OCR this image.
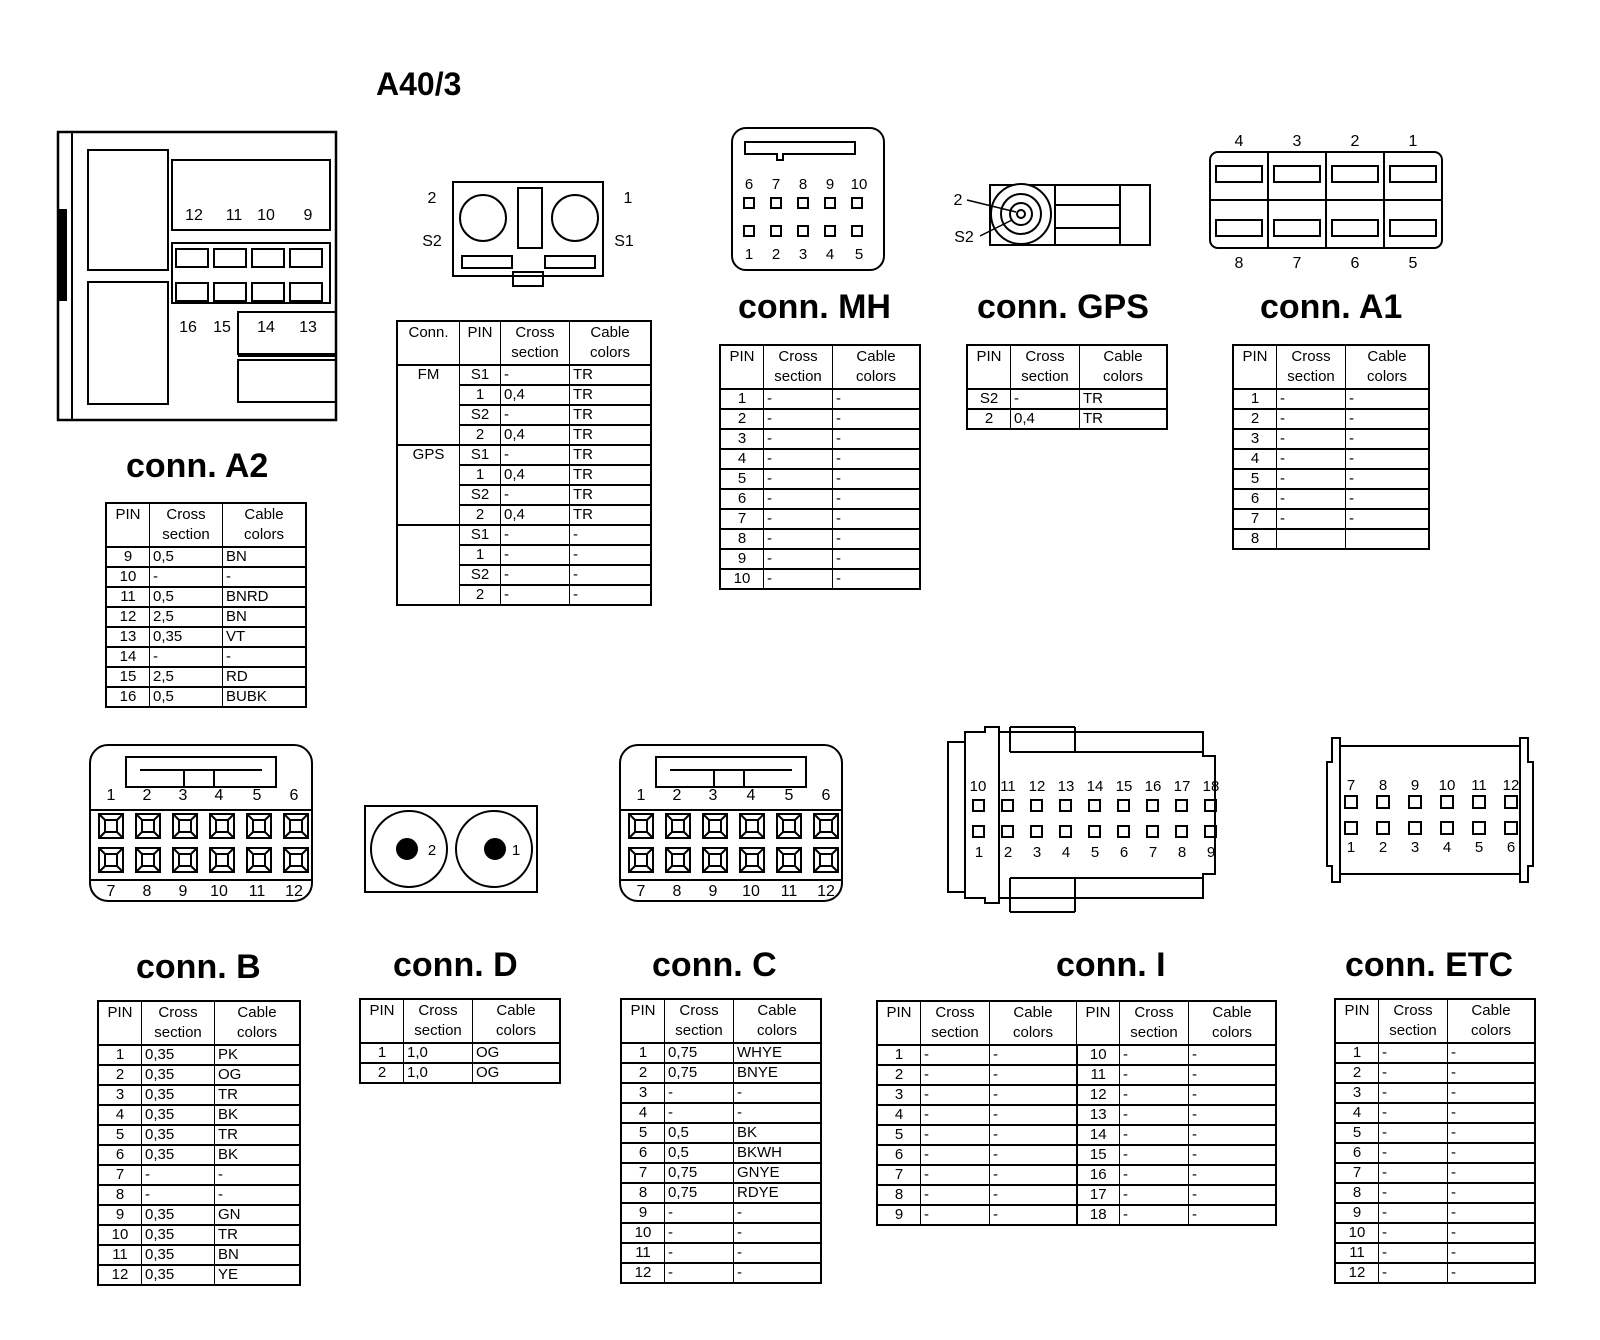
A40/3
conn. A2
conn. MH	conn. GPS	conn. A1
conn. B	conn. D	conn. C	conn. I	conn. ETC
12 11 10 9
16 15 14 13
2	1
S2	S1
6 7 8 9 10
1 2 3 4 5
2
S2
4	3	2	1
8	7	6	5
1 2 3 4 5 6
7 8 9 10 11 12
2	1
1 2 3 4 5 6
7 8 9 10 11 12
10 11 12 13 14 15 16 17 18
1 2 3 4 5 6 7 8 9
7 8 9 10 11 12
1 2 3 4 5 6
PIN	Cross
section	Cable
colors
9	0,5	BN
10	-	-
11	0,5	BNRD
12	2,5	BN
13	0,35	VT
14	-	-
15	2,5	RD
16	0,5	BUBK
Conn.	PIN	Cross
section	Cable
colors
FM	S1	-	TR
	1	0,4	TR
	S2	-	TR
	2	0,4	TR
GPS	S1	-	TR
	1	0,4	TR
	S2	-	TR
	2	0,4	TR
	S1	-	-
	1	-	-
	S2	-	-
	2	-	-
PIN	Cross
section	Cable
colors
1	-	-
2	-	-
3	-	-
4	-	-
5	-	-
6	-	-
7	-	-
8	-	-
9	-	-
10	-	-
PIN	Cross
section	Cable
colors
S2	-	TR
2	0,4	TR
PIN	Cross
section	Cable
colors
1	-	-
2	-	-
3	-	-
4	-	-
5	-	-
6	-	-
7	-	-
8		
PIN	Cross
section	Cable
colors
1	0,35	PK
2	0,35	OG
3	0,35	TR
4	0,35	BK
5	0,35	TR
6	0,35	BK
7	-	-
8	-	-
9	0,35	GN
10	0,35	TR
11	0,35	BN
12	0,35	YE
PIN	Cross
section	Cable
colors
1	1,0	OG
2	1,0	OG
PIN	Cross
section	Cable
colors
1	0,75	WHYE
2	0,75	BNYE
3	-	-
4	-	-
5	0,5	BK
6	0,5	BKWH
7	0,75	GNYE
8	0,75	RDYE
9	-	-
10	-	-
11	-	-
12	-	-
PIN	Cross
section	Cable
colors	PIN	Cross
section	Cable
colors
1	-	-	10	-	-
2	-	-	11	-	-
3	-	-	12	-	-
4	-	-	13	-	-
5	-	-	14	-	-
6	-	-	15	-	-
7	-	-	16	-	-
8	-	-	17	-	-
9	-	-	18	-	-
PIN	Cross
section	Cable
colors
1	-	-
2	-	-
3	-	-
4	-	-
5	-	-
6	-	-
7	-	-
8	-	-
9	-	-
10	-	-
11	-	-
12	-	-
